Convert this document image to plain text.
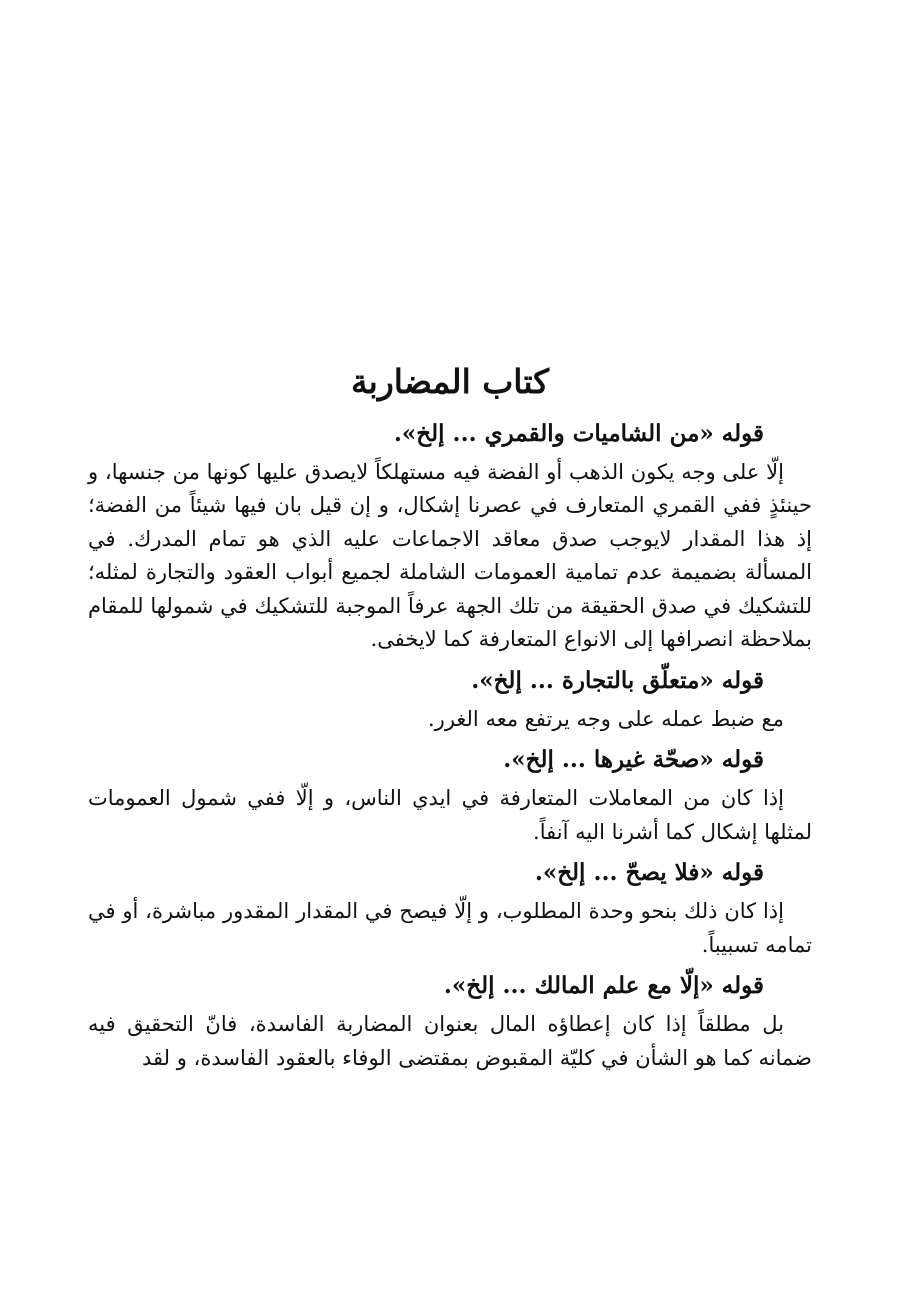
كتاب المضاربة
قوله «من الشاميات والقمري ... إلخ».

إلّا على وجه يكون الذهب أو الفضة فيه مستهلكاً لايصدق عليها كونها من جنسها، و حينئذٍ ففي القمري المتعارف في عصرنا إشكال، و إن قيل بان فيها شيئاً من الفضة؛ إذ هذا المقدار لايوجب صدق معاقد الاجماعات عليه الذي هو تمام المدرك. في المسألة بضميمة عدم تمامية العمومات الشاملة لجميع أبواب العقود والتجارة لمثله؛ للتشكيك في صدق الحقيقة من تلك الجهة عرفاً الموجبة للتشكيك في شمولها للمقام بملاحظة انصرافها إلى الانواع المتعارفة كما لايخفى.

قوله «متعلّق بالتجارة ... إلخ».

مع ضبط عمله على وجه يرتفع معه الغرر.

قوله «صحّة غيرها ... إلخ».

إذا كان من المعاملات المتعارفة في ايدي الناس، و إلّا ففي شمول العمومات لمثلها إشكال كما أشرنا اليه آنفاً.

قوله «فلا يصحّ ... إلخ».

إذا كان ذلك بنحو وحدة المطلوب، و إلّا فيصح في المقدار المقدور مباشرة، أو في تمامه تسبيباً.

قوله «إلّا مع علم المالك ... إلخ».

بل مطلقاً إذا كان إعطاؤه المال بعنوان المضاربة الفاسدة، فانّ التحقيق فيه ضمانه كما هو الشأن في كليّة المقبوض بمقتضى الوفاء بالعقود الفاسدة، و لقد
